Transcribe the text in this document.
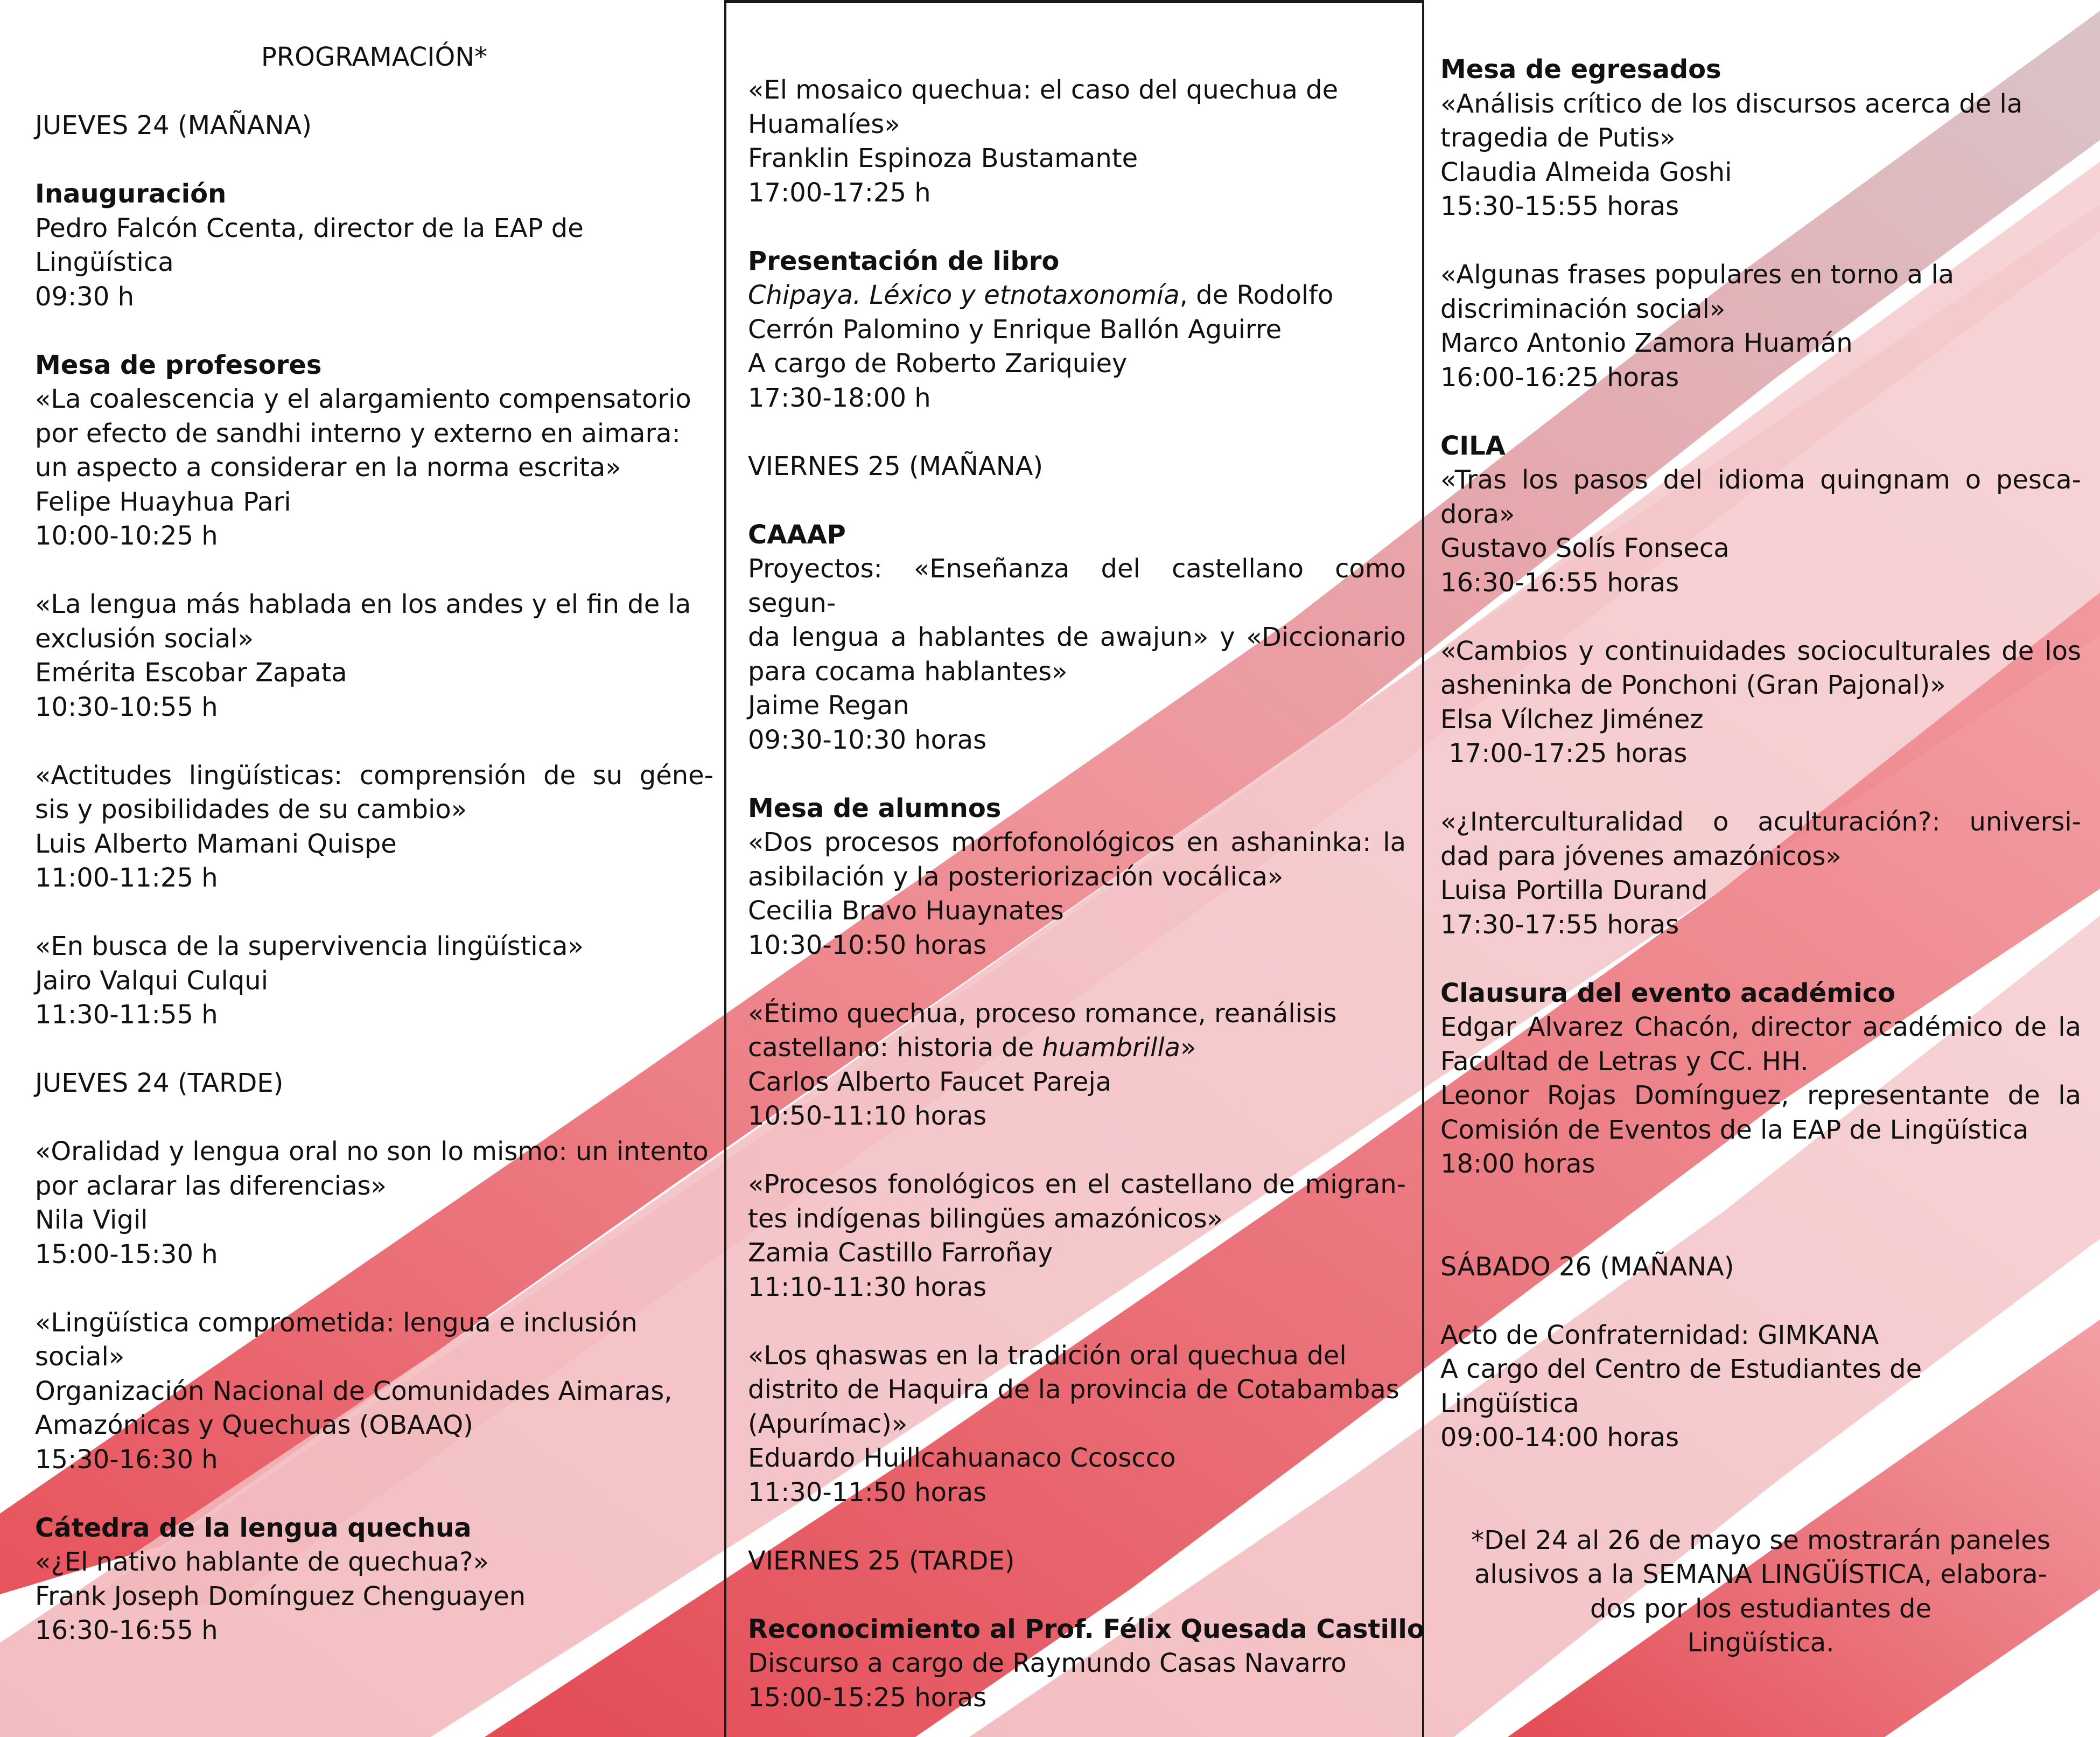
PROGRAMACIÓN*
JUEVES 24 (MAÑANA)
Inauguración
Pedro Falcón Ccenta, director de la EAP de
Lingüística
09:30 h
Mesa de profesores
«La coalescencia y el alargamiento compensatorio
por efecto de sandhi interno y externo en aimara:
un aspecto a considerar en la norma escrita»
Felipe Huayhua Pari
10:00-10:25 h
«La lengua más hablada en los andes y el fin de la
exclusión social»
Emérita Escobar Zapata
10:30-10:55 h
«Actitudes lingüísticas: comprensión de su géne-
sis y posibilidades de su cambio»
Luis Alberto Mamani Quispe
11:00-11:25 h
«En busca de la supervivencia lingüística»
Jairo Valqui Culqui
11:30-11:55 h
JUEVES 24 (TARDE)
«Oralidad y lengua oral no son lo mismo: un intento
por aclarar las diferencias»
Nila Vigil
15:00-15:30 h
«Lingüística comprometida: lengua e inclusión
social»
Organización Nacional de Comunidades Aimaras,
Amazónicas y Quechuas (OBAAQ)
15:30-16:30 h
Cátedra de la lengua quechua
«¿El nativo hablante de quechua?»
Frank Joseph Domínguez Chenguayen
16:30-16:55 h
«El mosaico quechua: el caso del quechua de
Huamalíes»
Franklin Espinoza Bustamante
17:00-17:25 h
Presentación de libro
Chipaya. Léxico y etnotaxonomía, de Rodolfo
Cerrón Palomino y Enrique Ballón Aguirre
A cargo de Roberto Zariquiey
17:30-18:00 h
VIERNES 25 (MAÑANA)
CAAAP
Proyectos: «Enseñanza del castellano como segun-
da lengua a hablantes de awajun» y «Diccionario
para cocama hablantes»
Jaime Regan
09:30-10:30 horas
Mesa de alumnos
«Dos procesos morfofonológicos en ashaninka: la
asibilación y la posteriorización vocálica»
Cecilia Bravo Huaynates
10:30-10:50 horas
«Étimo quechua, proceso romance, reanálisis
castellano: historia de huambrilla»
Carlos Alberto Faucet Pareja
10:50-11:10 horas
«Procesos fonológicos en el castellano de migran-
tes indígenas bilingües amazónicos»
Zamia Castillo Farroñay
11:10-11:30 horas
«Los qhaswas en la tradición oral quechua del
distrito de Haquira de la provincia de Cotabambas
(Apurímac)»
Eduardo Huillcahuanaco Ccoscco
11:30-11:50 horas
VIERNES 25 (TARDE)
Reconocimiento al Prof. Félix Quesada Castillo
Discurso a cargo de Raymundo Casas Navarro
15:00-15:25 horas
Mesa de egresados
«Análisis crítico de los discursos acerca de la
tragedia de Putis»
Claudia Almeida Goshi
15:30-15:55 horas
«Algunas frases populares en torno a la
discriminación social»
Marco Antonio Zamora Huamán
16:00-16:25 horas
CILA
«Tras los pasos del idioma quingnam o pesca-
dora»
Gustavo Solís Fonseca
16:30-16:55 horas
«Cambios y continuidades socioculturales de los
asheninka de Ponchoni (Gran Pajonal)»
Elsa Vílchez Jiménez
17:00-17:25 horas
«¿Interculturalidad o aculturación?: universi-
dad para jóvenes amazónicos»
Luisa Portilla Durand
17:30-17:55 horas
Clausura del evento académico
Edgar Alvarez Chacón, director académico de la
Facultad de Letras y CC. HH.
Leonor Rojas Domínguez, representante de la
Comisión de Eventos de la EAP de Lingüística
18:00 horas
SÁBADO 26 (MAÑANA)
Acto de Confraternidad: GIMKANA
A cargo del Centro de Estudiantes de
Lingüística
09:00-14:00 horas
*Del 24 al 26 de mayo se mostrarán paneles
alusivos a la SEMANA LINGÜÍSTICA, elabora-
dos por los estudiantes de
Lingüística.
